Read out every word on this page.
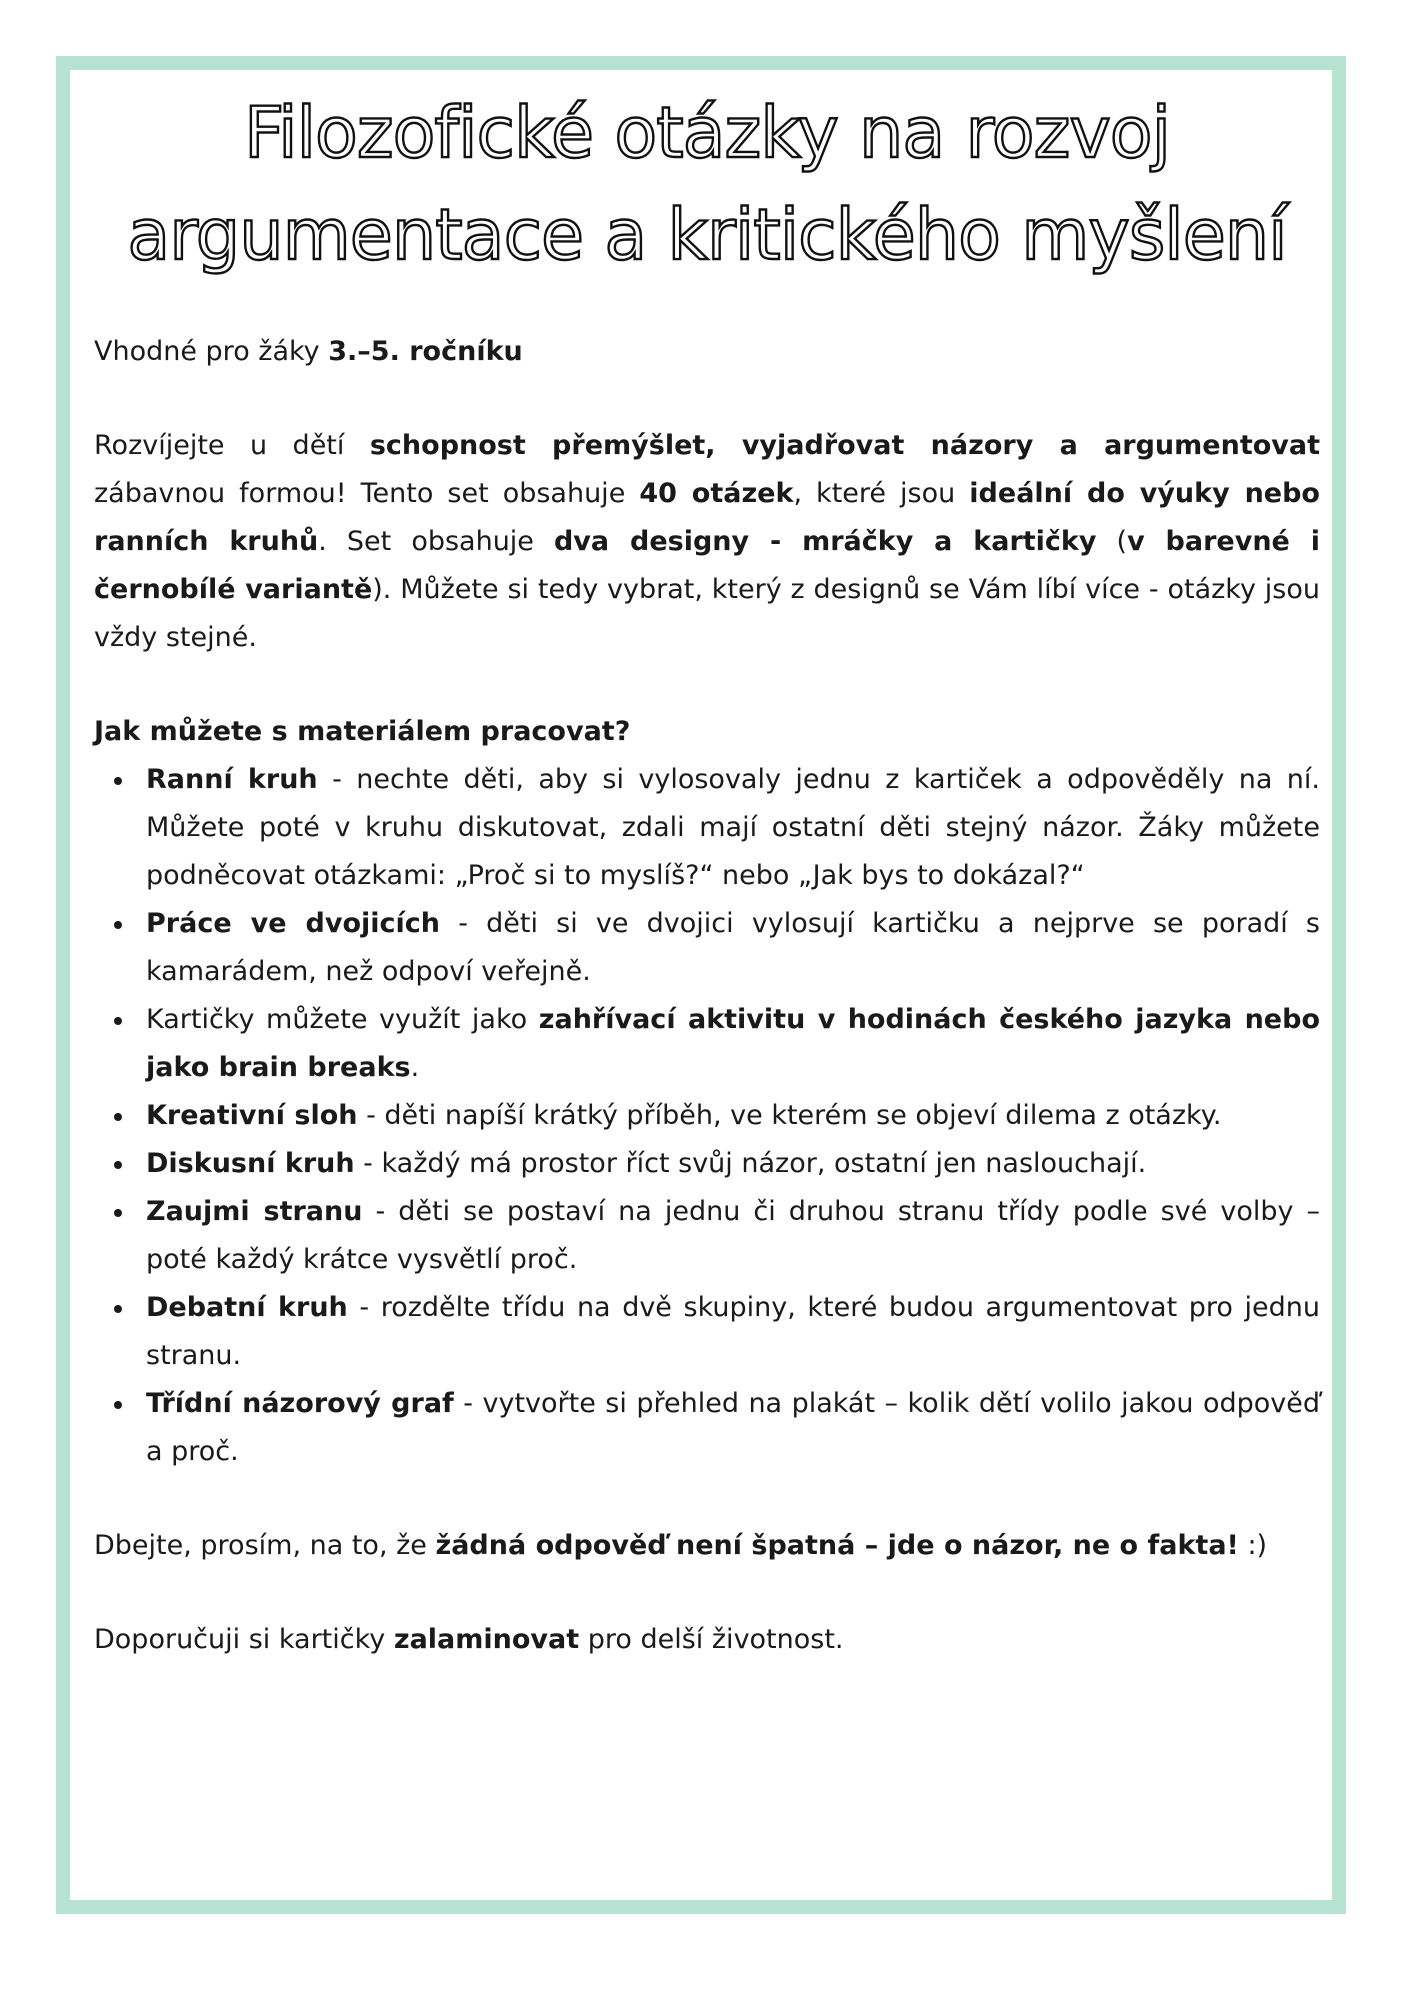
Filozofické otázky na rozvoj
argumentace a kritického myšlení

Vhodné pro žáky 3.–5. ročníku

Rozvíjejte u dětí schopnost přemýšlet, vyjadřovat názory a argumentovat zábavnou formou! Tento set obsahuje 40 otázek, které jsou ideální do výuky nebo ranních kruhů. Set obsahuje dva designy - mráčky a kartičky (v barevné i černobílé variantě). Můžete si tedy vybrat, který z designů se Vám líbí více - otázky jsou vždy stejné.

Jak můžete s materiálem pracovat?

Ranní kruh - nechte děti, aby si vylosovaly jednu z kartiček a odpověděly na ní. Můžete poté v kruhu diskutovat, zdali mají ostatní děti stejný názor. Žáky můžete podněcovat otázkami: „Proč si to myslíš?“ nebo „Jak bys to dokázal?“
Práce ve dvojicích - děti si ve dvojici vylosují kartičku a nejprve se poradí s kamarádem, než odpoví veřejně.
Kartičky můžete využít jako zahřívací aktivitu v hodinách českého jazyka nebo jako brain breaks.
Kreativní sloh - děti napíší krátký příběh, ve kterém se objeví dilema z otázky.
Diskusní kruh - každý má prostor říct svůj názor, ostatní jen naslouchají.
Zaujmi stranu - děti se postaví na jednu či druhou stranu třídy podle své volby – poté každý krátce vysvětlí proč.
Debatní kruh - rozdělte třídu na dvě skupiny, které budou argumentovat pro jednu stranu.
Třídní názorový graf - vytvořte si přehled na plakát – kolik dětí volilo jakou odpověď a proč.

Dbejte, prosím, na to, že žádná odpověď není špatná – jde o názor, ne o fakta! :)

Doporučuji si kartičky zalaminovat pro delší životnost.
